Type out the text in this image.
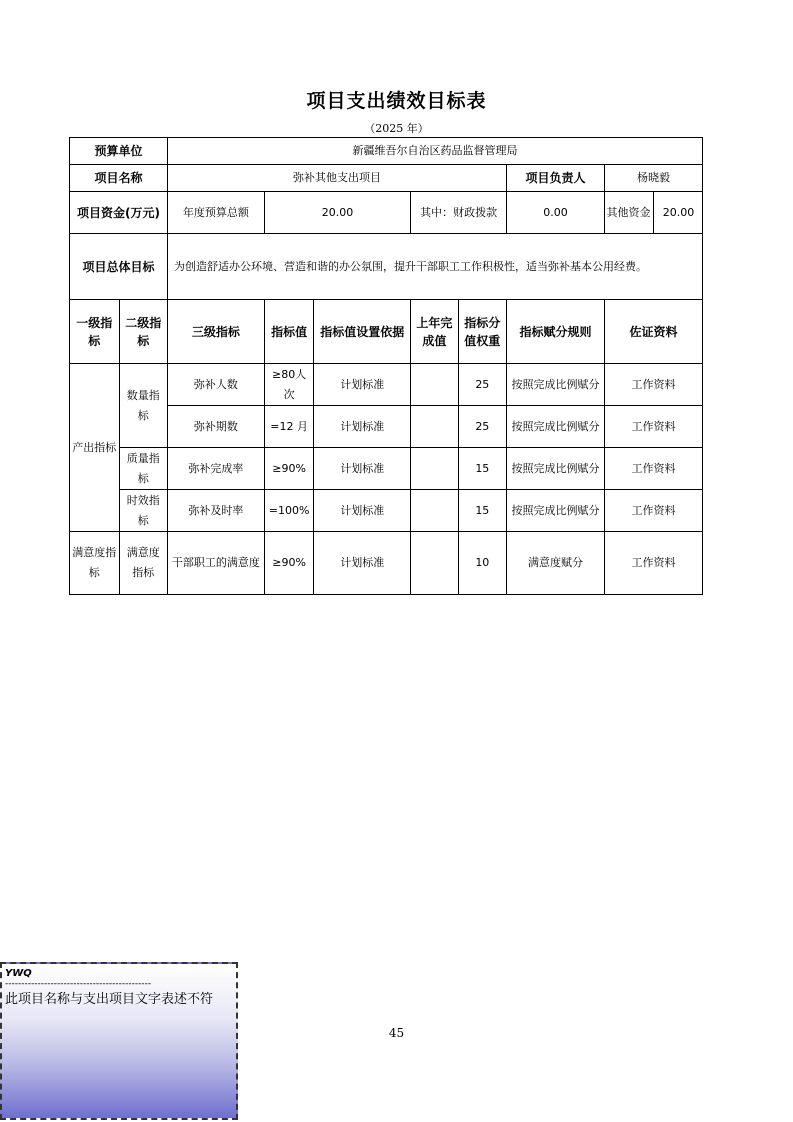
项目支出绩效目标表
（2025 年）
预算单位		新疆维吾尔自治区药品监督管理局						
项目名称		弥补其他支出项目					项目负责人	杨晓毅
项目资金(万元)		年度预算总额	20.00		其中：财政拨款		0.00	其他资金 20.00

项目总体目标		为创造舒适办公环境、营造和谐的办公氛围，提升干部职工工作积极性，适当弥补基本公用经费。						
一级指标	二级指标	三级指标	指标值	指标值设置依据	上年完成值	指标分值权重	指标赋分规则	佐证资料
产出指标	数量指标	弥补人数	≥80人次	计划标准		25	按照完成比例赋分	工作资料
		弥补期数	=12 月	计划标准		25	按照完成比例赋分	工作资料
	质量指标	弥补完成率	≥90%	计划标准		15	按照完成比例赋分	工作资料
	时效指标	弥补及时率	=100%	计划标准		15	按照完成比例赋分	工作资料
满意度指标	满意度指标	干部职工的满意度	≥90%	计划标准		10	满意度赋分	工作资料
45
YWQ
---------------------------------------------
此项目名称与支出项目文字表述不符
